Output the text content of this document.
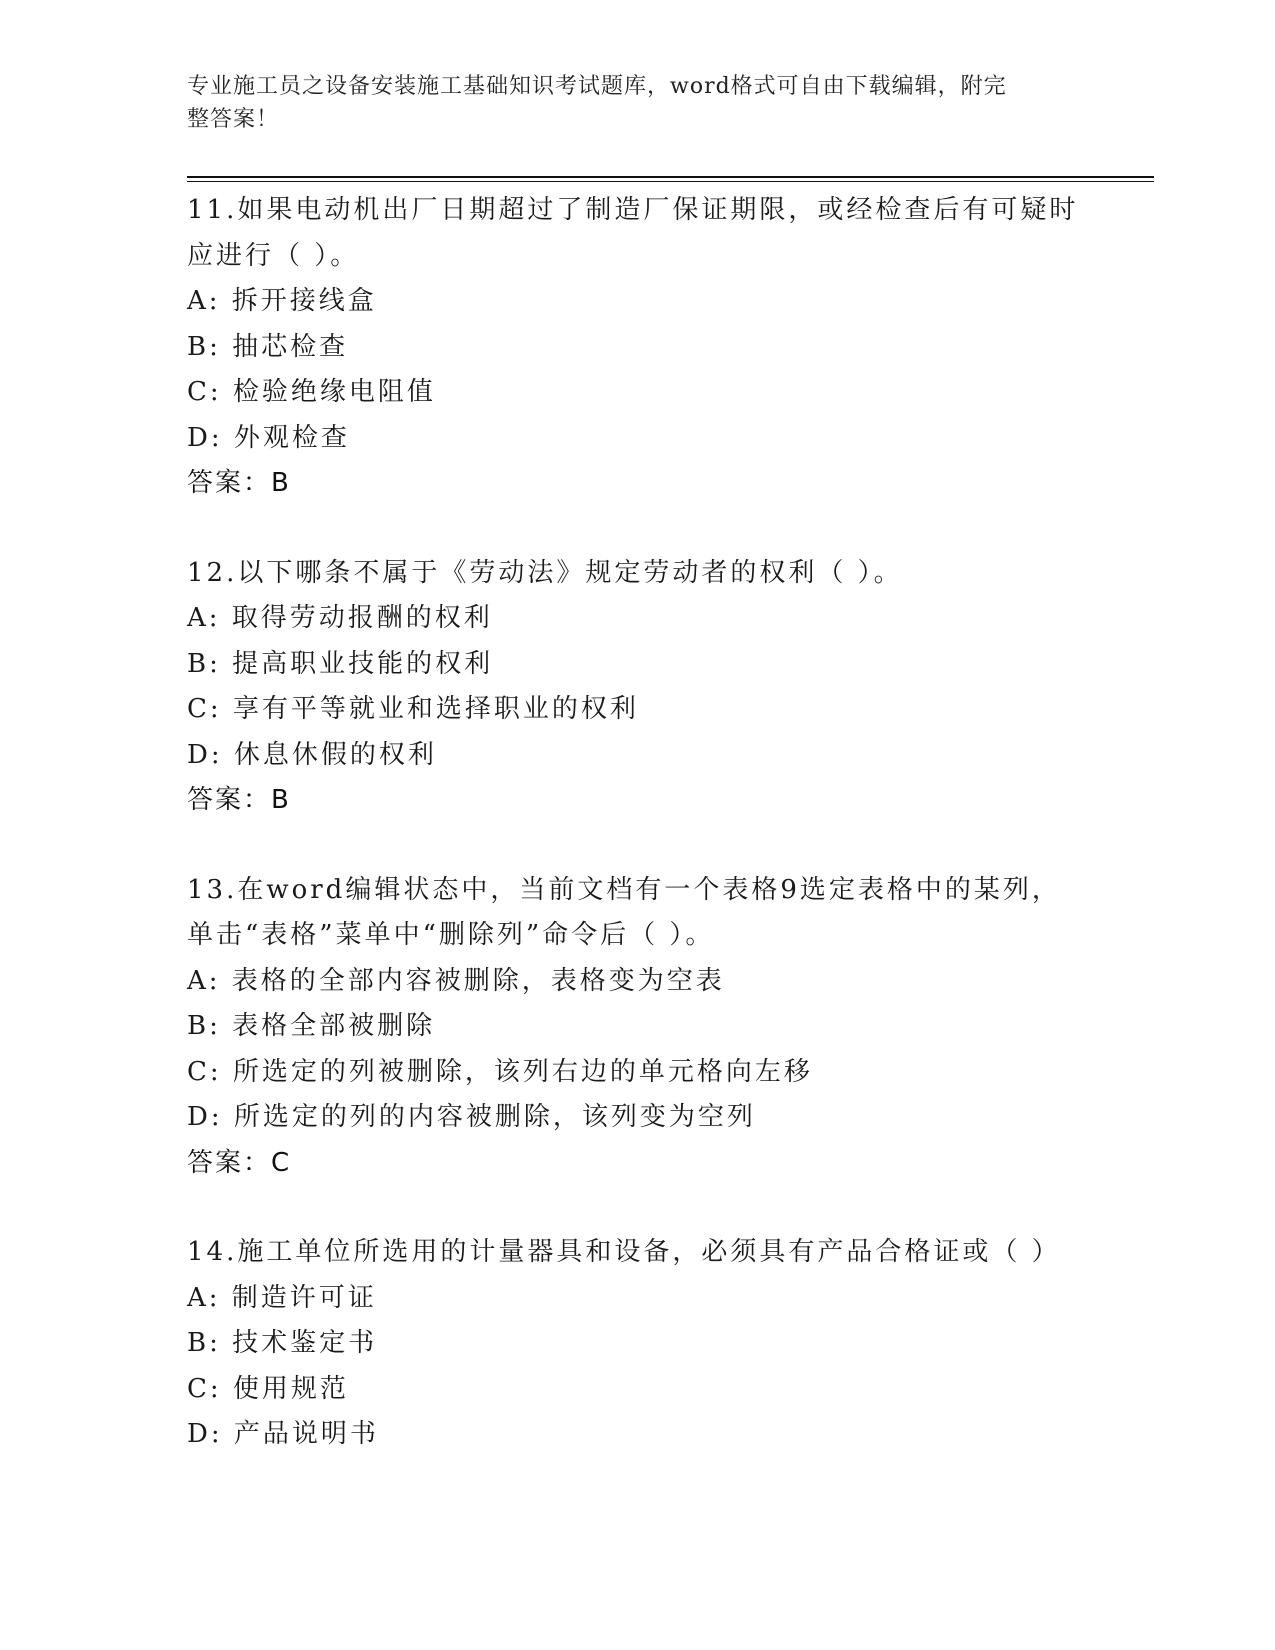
专业施工员之设备安装施工基础知识考试题库，word格式可自由下载编辑，附完
整答案！

11.如果电动机出厂日期超过了制造厂保证期限，或经检查后有可疑时

应进行（ ）。

A: 拆开接线盒

B: 抽芯检查

C: 检验绝缘电阻值

D: 外观检查

答案：B

12.以下哪条不属于《劳动法》规定劳动者的权利（ ）。

A: 取得劳动报酬的权利

B: 提高职业技能的权利

C: 享有平等就业和选择职业的权利

D: 休息休假的权利

答案：B

13.在word编辑状态中，当前文档有一个表格9选定表格中的某列，

单击“表格”菜单中“删除列”命令后（ ）。

A: 表格的全部内容被删除，表格变为空表

B: 表格全部被删除

C: 所选定的列被删除，该列右边的单元格向左移

D: 所选定的列的内容被删除，该列变为空列

答案：C

14.施工单位所选用的计量器具和设备，必须具有产品合格证或（ ）

A: 制造许可证

B: 技术鉴定书

C: 使用规范

D: 产品说明书
